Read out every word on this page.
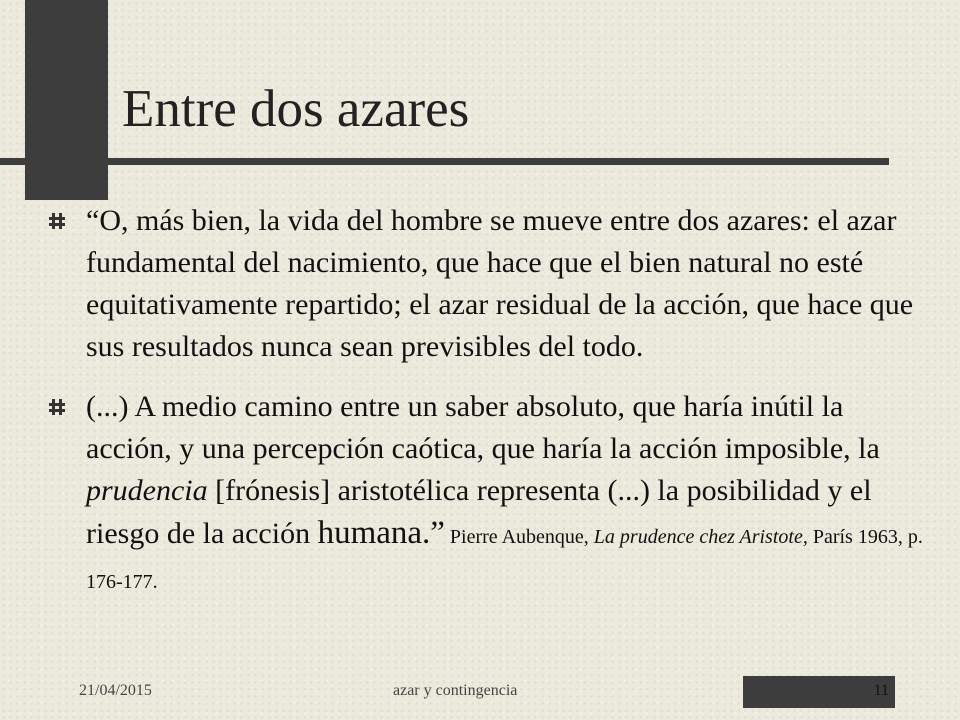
Entre dos azares

“O, más bien, la vida del hombre se mueve entre dos azares: el azar fundamental del nacimiento, que hace que el bien natural no esté equitativamente repartido; el azar residual de la acción, que hace que sus resultados nunca sean previsibles del todo.

(...) A medio camino entre un saber absoluto, que haría inútil la acción, y una percepción caótica, que haría la acción imposible, la prudencia [frónesis] aristotélica representa (...) la posibilidad y el riesgo de la acción humana.” Pierre Aubenque, La prudence chez Aristote, París 1963, p. 176-177.

21/04/2015	azar y contingencia	11
